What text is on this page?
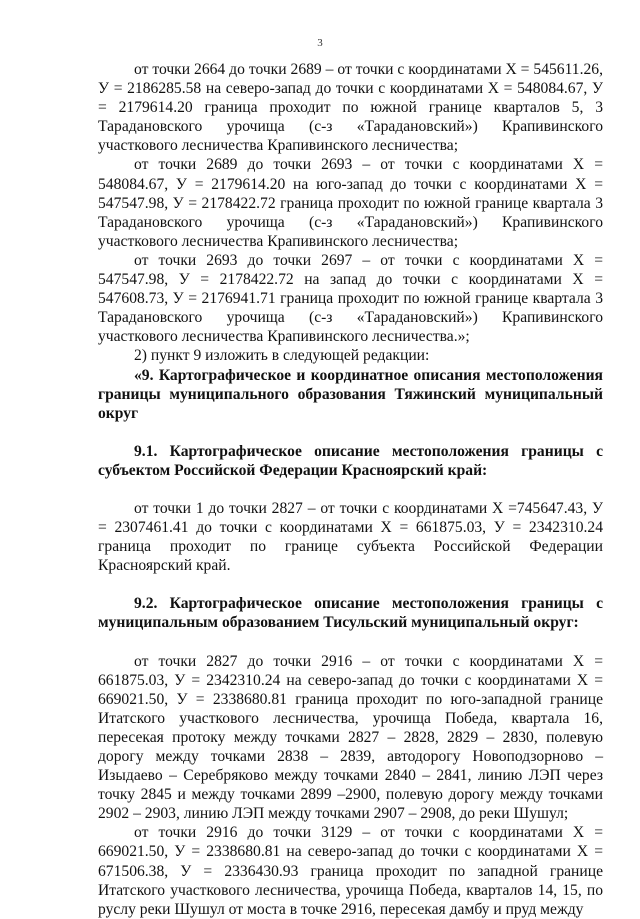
3

от точки 2664 до точки 2689 – от точки с координатами Х = 545611.26, У = 2186285.58 на северо-запад до точки с координатами Х = 548084.67, У = 2179614.20 граница проходит по южной границе кварталов 5, 3 Тарадановского урочища (с-з «Тарадановский») Крапивинского участкового лесничества Крапивинского лесничества;

от точки 2689 до точки 2693 – от точки с координатами Х = 548084.67, У = 2179614.20 на юго-запад до точки с координатами Х = 547547.98, У = 2178422.72 граница проходит по южной границе квартала 3 Тарадановского урочища (с-з «Тарадановский») Крапивинского участкового лесничества Крапивинского лесничества;

от точки 2693 до точки 2697 – от точки с координатами Х = 547547.98, У = 2178422.72 на запад до точки с координатами Х = 547608.73, У = 2176941.71 граница проходит по южной границе квартала 3 Тарадановского урочища (с-з «Тарадановский») Крапивинского участкового лесничества Крапивинского лесничества.»;

2) пункт 9 изложить в следующей редакции:

«9. Картографическое и координатное описания местоположения границы муниципального образования Тяжинский муниципальный округ

9.1. Картографическое описание местоположения границы с субъектом Российской Федерации Красноярский край:

от точки 1 до точки 2827 – от точки с координатами Х =745647.43, У = 2307461.41 до точки с координатами Х = 661875.03, У = 2342310.24 граница проходит по границе субъекта Российской Федерации Красноярский край.

9.2. Картографическое описание местоположения границы с муниципальным образованием Тисульский муниципальный округ:

от точки 2827 до точки 2916 – от точки с координатами Х = 661875.03, У = 2342310.24 на северо-запад до точки с координатами Х = 669021.50, У = 2338680.81 граница проходит по юго-западной границе Итатского участкового лесничества, урочища Победа, квартала 16, пересекая протоку между точками 2827 – 2828, 2829 – 2830, полевую дорогу между точками 2838 – 2839, автодорогу Новоподзорново – Изыдаево – Серебряково между точками 2840 – 2841, линию ЛЭП через точку 2845 и между точками 2899 –2900, полевую дорогу между точками 2902 – 2903, линию ЛЭП между точками 2907 – 2908, до реки Шушул;

от точки 2916 до точки 3129 – от точки с координатами Х = 669021.50, У = 2338680.81 на северо-запад до точки с координатами Х = 671506.38, У = 2336430.93 граница проходит по западной границе Итатского участкового лесничества, урочища Победа, кварталов 14, 15, по руслу реки Шушул от моста в точке 2916, пересекая дамбу и пруд между
